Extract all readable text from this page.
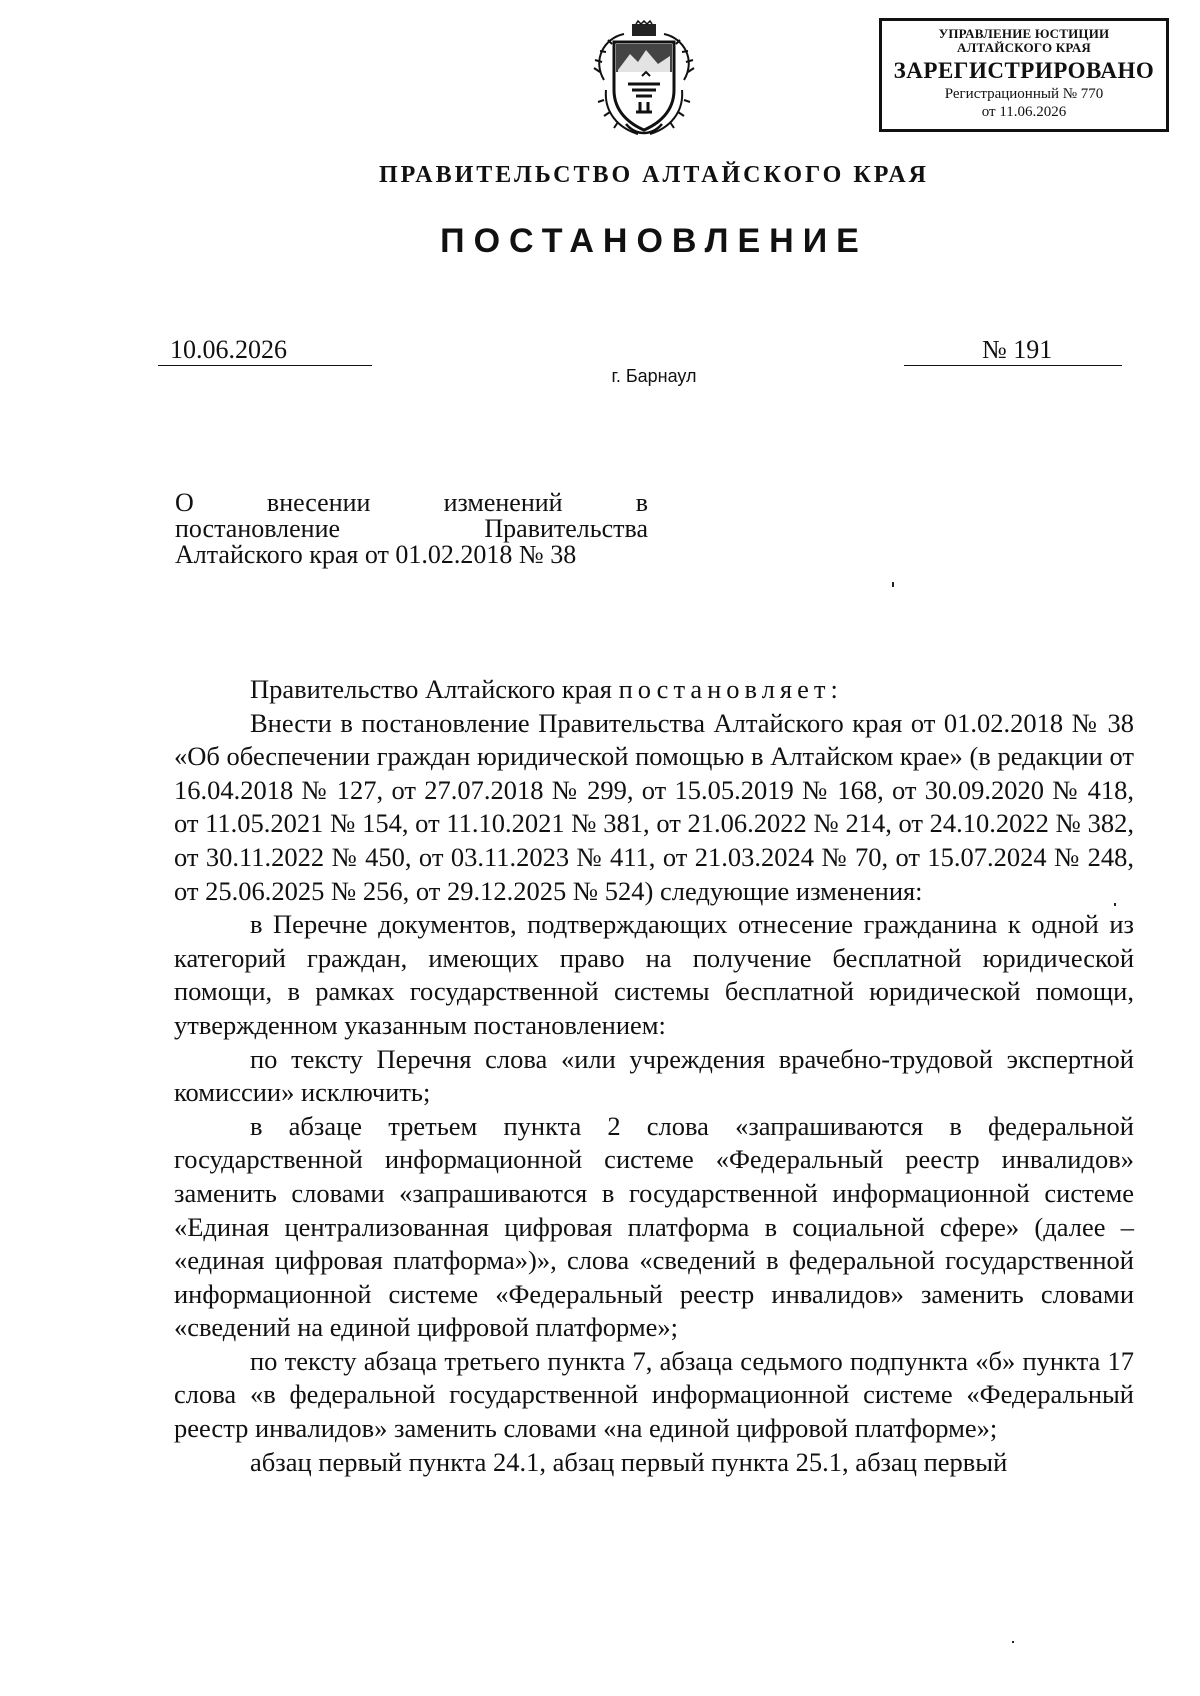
УПРАВЛЕНИЕ ЮСТИЦИИ
АЛТАЙСКОГО КРАЯ
ЗАРЕГИСТРИРОВАНО
Регистрационный № 770
от 11.06.2026
ПРАВИТЕЛЬСТВО АЛТАЙСКОГО КРАЯ
ПОСТАНОВЛЕНИЕ
10.06.2026	№ 191
г. Барнаул
О внесении изменений в
постановление Правительства
Алтайского края от 01.02.2018 № 38

Правительство Алтайского края постановляет:

Внести в постановление Правительства Алтайского края от 01.02.2018 № 38 «Об обеспечении граждан юридической помощью в Алтайском крае» (в редакции от 16.04.2018 № 127, от 27.07.2018 № 299, от 15.05.2019 № 168, от 30.09.2020 № 418, от 11.05.2021 № 154, от 11.10.2021 № 381, от 21.06.2022 № 214, от 24.10.2022 № 382, от 30.11.2022 № 450, от 03.11.2023 № 411, от 21.03.2024 № 70, от 15.07.2024 № 248, от 25.06.2025 № 256, от 29.12.2025 № 524) следующие изменения:

в Перечне документов, подтверждающих отнесение гражданина к одной из категорий граждан, имеющих право на получение бесплатной юридической помощи, в рамках государственной системы бесплатной юридической помощи, утвержденном указанным постановлением:

по тексту Перечня слова «или учреждения врачебно-трудовой экспертной комиссии» исключить;

в абзаце третьем пункта 2 слова «запрашиваются в федеральной государственной информационной системе «Федеральный реестр инвалидов» заменить словами «запрашиваются в государственной информационной системе «Единая централизованная цифровая платформа в социальной сфере» (далее – «единая цифровая платформа»)», слова «сведений в федеральной государственной информационной системе «Федеральный реестр инвалидов» заменить словами «сведений на единой цифровой платформе»;

по тексту абзаца третьего пункта 7, абзаца седьмого подпункта «б» пункта 17 слова «в федеральной государственной информационной системе «Федеральный реестр инвалидов» заменить словами «на единой цифровой платформе»;

абзац первый пункта 24.1, абзац первый пункта 25.1, абзац первый
